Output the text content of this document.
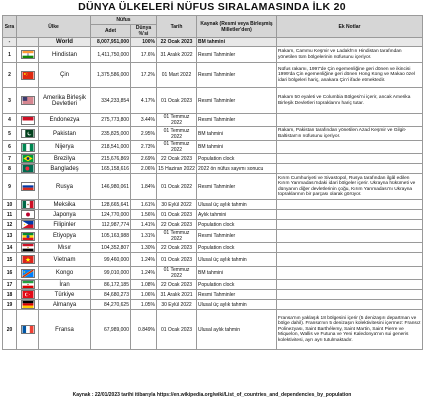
DÜNYA ÜLKELERİ NÜFUS SIRALAMASINDA İLK 20
Sıra	Ülke		Nüfus		Tarih	Kaynak (Resmi veya Birleşmiş Milletler'den)	Ek Notlar
			Adet	Dünya %'si			
-		World	8,007,951,000	100%	22 Ocak 2023	BM tahmini	
1		Hindistan	1,411,750,000	17.6%	31 Aralık 2022	Resmi Tahminler	Rakam, Cammu Keşmir ve Ladakh'ın Hindistan tarafından yönetilen tüm bölgelerinin nüfusunu içeriyor.
2		Çin	1,375,586,000	17.2%	01 Mart 2022	Resmi Tahminler	Nüfus rakamı, 1997'de Çin egemenliğine geri dönen ve ikincisi 1999'da Çin egemenliğine geri dönen Hong Kong ve Makao özel idari bölgeleri hariç, anakara Çin'i ifade etmektedir.
3		Amerika Birleşik Devletleri	334,233,854	4.17%	01 Ocak 2023	Resmi Tahminler	Rakam 50 eyaleti ve Columbia Bölgesi'ni içerir, ancak Amerika Birleşik Devletleri topraklarını hariç tutar.
4		Endonezya	275,773,800	3.44%	01 Temmuz 2022	Resmi Tahminler	
5		Pakistan	235,825,000	2.95%	01 Temmuz 2022	BM tahmini	Rakam, Pakistan tarafından yönetilen Azad Keşmir ve Gilgit-Baltistan'ın nüfusunu içeriyor.
6		Nijerya	218,541,000	2.73%	01 Temmuz 2022	BM tahmini	
7		Brezilya	215,676,869	2.69%	22 Ocak 2023	Population clock	
8		Bangladeş	165,158,616	2.06%	15 Haziran 2022	2022 ön nüfus sayımı sonucu	
9		Rusya	146,980,061	1.84%	01 Ocak 2022	Resmi Tahminler	Kırım Cumhuriyeti ve Sivastopol, Rusya tarafından ilgâl edilen Kırım Yarımadası'ndaki idari bölgeler içerir. Ukrayna hükümeti ve dünyanın diğer devletlerinin çoğu, Kırım Yarımadası'nı Ukrayna topraklarının bir parçası olarak görüyor.
10		Meksika	128,665,641	1.61%	30 Eylül 2022	Ulusal üç aylık tahmin	
11		Japonya	124,770,000	1.56%	01 Ocak 2023	Aylık tahmini	
12		Filipinler	112,987,774	1.41%	22 Ocak 2023	Population clock	
13		Etiyopya	105,163,988	1.31%	01 Temmuz 2022	Resmi Tahminler	
14		Mısır	104,352,807	1.30%	22 Ocak 2023	Population clock	
15		Vietnam	99,460,000	1.24%	01 Ocak 2023	Ulusal üç aylık tahmin	
16		Kongo	99,010,000	1.24%	01 Temmuz 2022	BM tahmini	
17		İran	86,172,185	1.08%	22 Ocak 2023	Population clock	
18		Türkiye	84,680,273	1.06%	31 Aralık 2021	Resmi Tahminler	
19		Almanya	84,270,625	1.05%	30 Eylül 2022	Ulusal üç aylık tahmin	
20		Fransa	67,989,000	0.849%	01 Ocak 2023	Ulusal aylık tahmin	Fransa'nın yaklaşık 18 bölgesini içerir (5 denizaşırı departman ve bölge dahil). Fransa'nın 5 denizaşırı kolektivitesini içermez: Fransız Polinezyası, Saint Barthélemy, Saint Martin, Saint Pierre ve Miquelon, Wallis ve Futuna ve Yeni Kaledonya'nın sui generis kolektivitesi, ayrı ayrı tutulmaktadır.
Kaynak : 22/01/2023 tarihi itibarıyla https://en.wikipedia.org/wiki/List_of_countries_and_dependencies_by_population
